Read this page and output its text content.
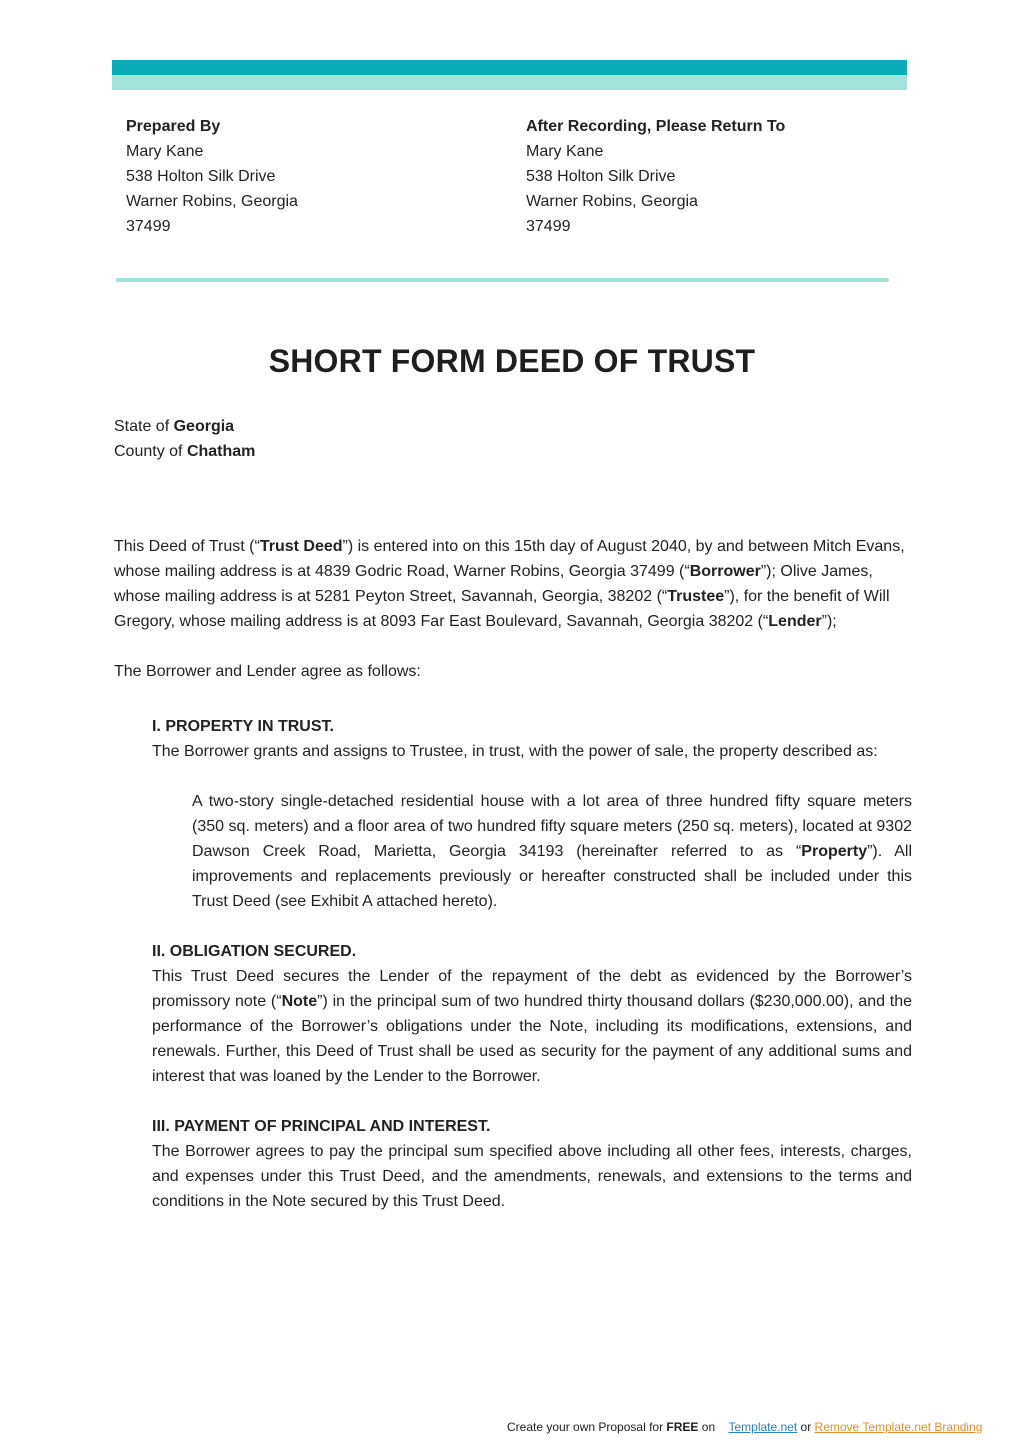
Prepared By
Mary Kane
538 Holton Silk Drive
Warner Robins, Georgia
37499
After Recording, Please Return To
Mary Kane
538 Holton Silk Drive
Warner Robins, Georgia
37499
SHORT FORM DEED OF TRUST
State of Georgia
County of Chatham
This Deed of Trust (“Trust Deed”) is entered into on this 15th day of August 2040, by and between Mitch Evans, whose mailing address is at 4839 Godric Road, Warner Robins, Georgia 37499 (“Borrower”); Olive James, whose mailing address is at 5281 Peyton Street, Savannah, Georgia, 38202 (“Trustee”), for the benefit of Will Gregory, whose mailing address is at 8093 Far East Boulevard, Savannah, Georgia 38202 (“Lender”);
The Borrower and Lender agree as follows:
I. PROPERTY IN TRUST.
The Borrower grants and assigns to Trustee, in trust, with the power of sale, the property described as:
A two-story single-detached residential house with a lot area of three hundred fifty square meters (350 sq. meters) and a floor area of two hundred fifty square meters (250 sq. meters), located at 9302 Dawson Creek Road, Marietta, Georgia 34193 (hereinafter referred to as “Property”). All improvements and replacements previously or hereafter constructed shall be included under this Trust Deed (see Exhibit A attached hereto).
II. OBLIGATION SECURED.
This Trust Deed secures the Lender of the repayment of the debt as evidenced by the Borrower’s promissory note (“Note”) in the principal sum of two hundred thirty thousand dollars ($230,000.00), and the performance of the Borrower’s obligations under the Note, including its modifications, extensions, and renewals. Further, this Deed of Trust shall be used as security for the payment of any additional sums and interest that was loaned by the Lender to the Borrower.
III. PAYMENT OF PRINCIPAL AND INTEREST.
The Borrower agrees to pay the principal sum specified above including all other fees, interests, charges, and expenses under this Trust Deed, and the amendments, renewals, and extensions to the terms and conditions in the Note secured by this Trust Deed.
Create your own Proposal for FREE on    Template.net or Remove Template.net Branding
